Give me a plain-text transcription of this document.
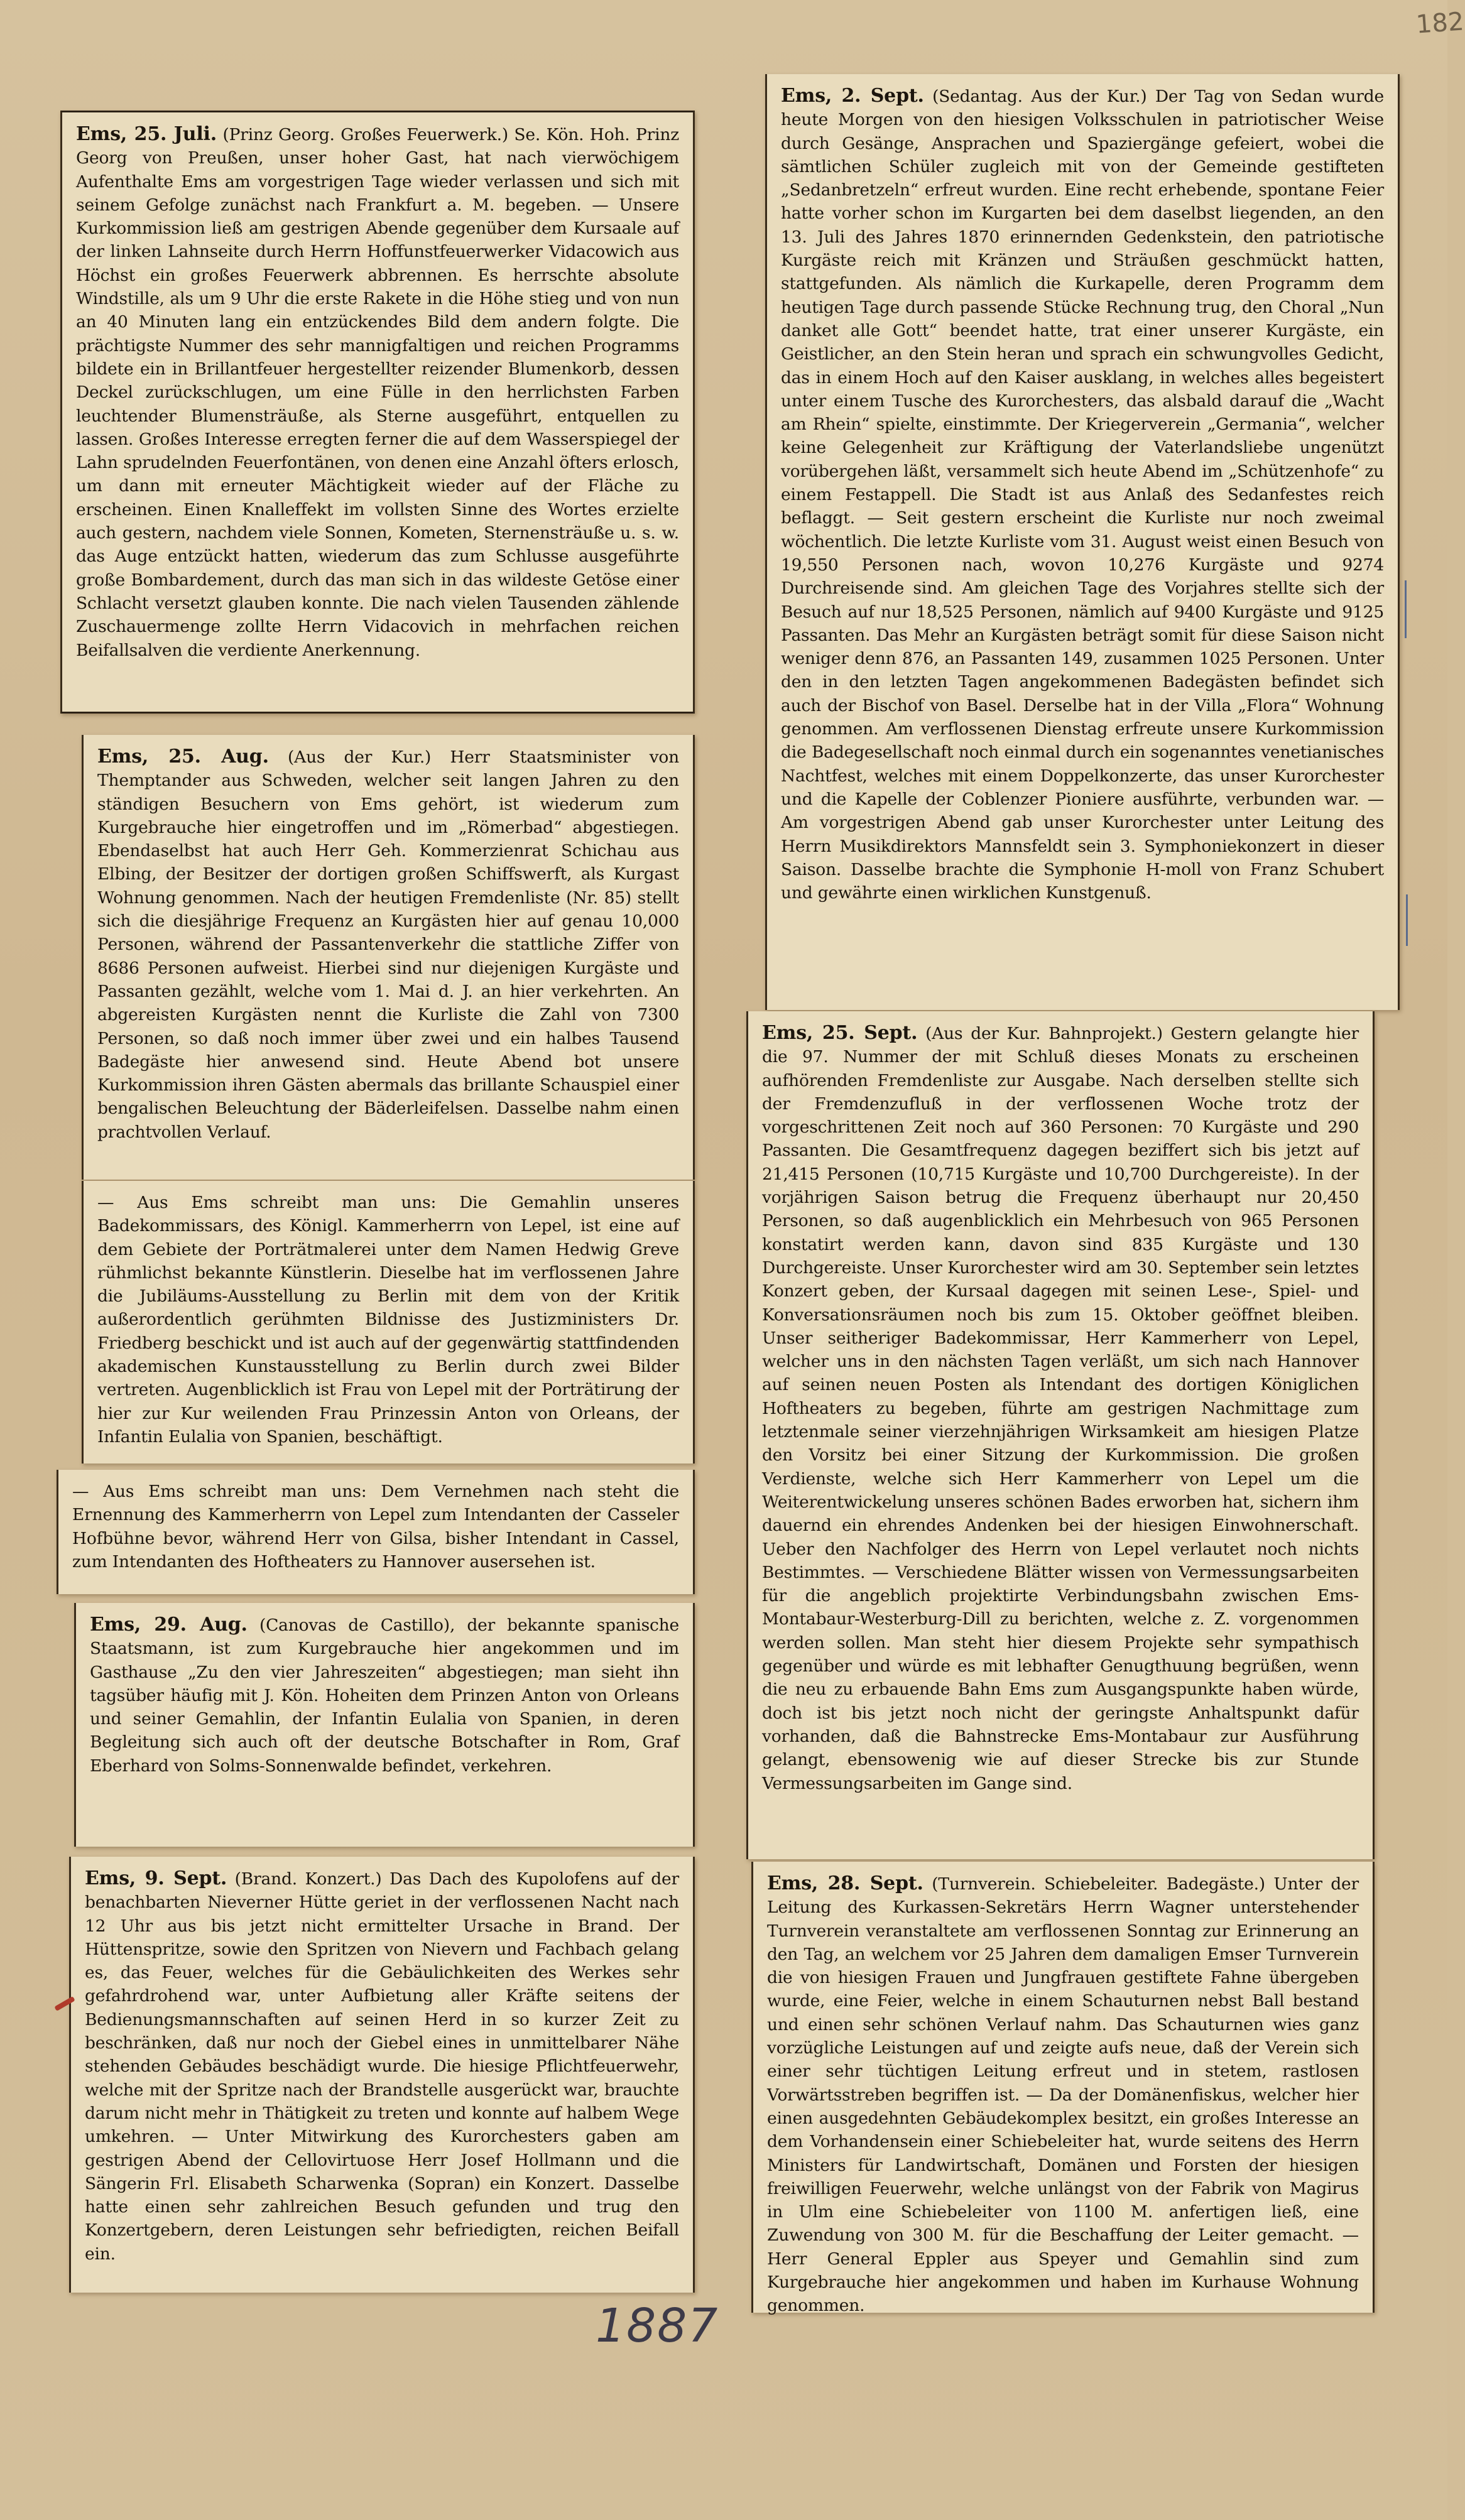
182

Ems, 25. Juli. (Prinz Georg. Großes Feuerwerk.) Se. Kön. Hoh. Prinz Georg von Preußen, unser hoher Gast, hat nach vierwöchigem Aufenthalte Ems am vorgestrigen Tage wieder verlassen und sich mit seinem Gefolge zunächst nach Frankfurt a. M. begeben. — Unsere Kurkommission ließ am gestrigen Abende gegenüber dem Kursaale auf der linken Lahnseite durch Herrn Hoffunstfeuerwerker Vidacowich aus Höchst ein großes Feuerwerk abbrennen. Es herrschte absolute Windstille, als um 9 Uhr die erste Rakete in die Höhe stieg und von nun an 40 Minuten lang ein entzückendes Bild dem andern folgte. Die prächtigste Nummer des sehr mannigfaltigen und reichen Programms bildete ein in Brillantfeuer hergestellter reizender Blumenkorb, dessen Deckel zurückschlugen, um eine Fülle in den herrlichsten Farben leuchtender Blumensträuße, als Sterne ausgeführt, entquellen zu lassen. Großes Interesse erregten ferner die auf dem Wasserspiegel der Lahn sprudelnden Feuerfontänen, von denen eine Anzahl öfters erlosch, um dann mit erneuter Mächtigkeit wieder auf der Fläche zu erscheinen. Einen Knalleffekt im vollsten Sinne des Wortes erzielte auch gestern, nachdem viele Sonnen, Kometen, Sternensträuße u. s. w. das Auge entzückt hatten, wiederum das zum Schlusse ausgeführte große Bombardement, durch das man sich in das wildeste Getöse einer Schlacht versetzt glauben konnte. Die nach vielen Tausenden zählende Zuschauermenge zollte Herrn Vidacovich in mehrfachen reichen Beifallsalven die verdiente Anerkennung.

Ems, 25. Aug. (Aus der Kur.) Herr Staatsminister von Themptander aus Schweden, welcher seit langen Jahren zu den ständigen Besuchern von Ems gehört, ist wiederum zum Kurgebrauche hier eingetroffen und im „Römerbad“ abgestiegen. Ebendaselbst hat auch Herr Geh. Kommerzienrat Schichau aus Elbing, der Besitzer der dortigen großen Schiffswerft, als Kurgast Wohnung genommen. Nach der heutigen Fremdenliste (Nr. 85) stellt sich die diesjährige Frequenz an Kurgästen hier auf genau 10,000 Personen, während der Passantenverkehr die stattliche Ziffer von 8686 Personen aufweist. Hierbei sind nur diejenigen Kurgäste und Passanten gezählt, welche vom 1. Mai d. J. an hier verkehrten. An abgereisten Kurgästen nennt die Kurliste die Zahl von 7300 Personen, so daß noch immer über zwei und ein halbes Tausend Badegäste hier anwesend sind. Heute Abend bot unsere Kurkommission ihren Gästen abermals das brillante Schauspiel einer bengalischen Beleuchtung der Bäderleifelsen. Dasselbe nahm einen prachtvollen Verlauf.

— Aus Ems schreibt man uns: Die Gemahlin unseres Badekommissars, des Königl. Kammerherrn von Lepel, ist eine auf dem Gebiete der Porträtmalerei unter dem Namen Hedwig Greve rühmlichst bekannte Künstlerin. Dieselbe hat im verflossenen Jahre die Jubiläums-Ausstellung zu Berlin mit dem von der Kritik außerordentlich gerühmten Bildnisse des Justizministers Dr. Friedberg beschickt und ist auch auf der gegenwärtig stattfindenden akademischen Kunstausstellung zu Berlin durch zwei Bilder vertreten. Augenblicklich ist Frau von Lepel mit der Porträtirung der hier zur Kur weilenden Frau Prinzessin Anton von Orleans, der Infantin Eulalia von Spanien, beschäftigt.

— Aus Ems schreibt man uns: Dem Vernehmen nach steht die Ernennung des Kammerherrn von Lepel zum Intendanten der Casseler Hofbühne bevor, während Herr von Gilsa, bisher Intendant in Cassel, zum Intendanten des Hoftheaters zu Hannover ausersehen ist.

Ems, 29. Aug. (Canovas de Castillo), der bekannte spanische Staatsmann, ist zum Kurgebrauche hier angekommen und im Gasthause „Zu den vier Jahreszeiten“ abgestiegen; man sieht ihn tagsüber häufig mit J. Kön. Hoheiten dem Prinzen Anton von Orleans und seiner Gemahlin, der Infantin Eulalia von Spanien, in deren Begleitung sich auch oft der deutsche Botschafter in Rom, Graf Eberhard von Solms-Sonnenwalde befindet, verkehren.

Ems, 9. Sept. (Brand. Konzert.) Das Dach des Kupolofens auf der benachbarten Nieverner Hütte geriet in der verflossenen Nacht nach 12 Uhr aus bis jetzt nicht ermittelter Ursache in Brand. Der Hüttenspritze, sowie den Spritzen von Nievern und Fachbach gelang es, das Feuer, welches für die Gebäulichkeiten des Werkes sehr gefahrdrohend war, unter Aufbietung aller Kräfte seitens der Bedienungsmannschaften auf seinen Herd in so kurzer Zeit zu beschränken, daß nur noch der Giebel eines in unmittelbarer Nähe stehenden Gebäudes beschädigt wurde. Die hiesige Pflichtfeuerwehr, welche mit der Spritze nach der Brandstelle ausgerückt war, brauchte darum nicht mehr in Thätigkeit zu treten und konnte auf halbem Wege umkehren. — Unter Mitwirkung des Kurorchesters gaben am gestrigen Abend der Cellovirtuose Herr Josef Hollmann und die Sängerin Frl. Elisabeth Scharwenka (Sopran) ein Konzert. Dasselbe hatte einen sehr zahlreichen Besuch gefunden und trug den Konzertgebern, deren Leistungen sehr befriedigten, reichen Beifall ein.

Ems, 2. Sept. (Sedantag. Aus der Kur.) Der Tag von Sedan wurde heute Morgen von den hiesigen Volksschulen in patriotischer Weise durch Gesänge, Ansprachen und Spaziergänge gefeiert, wobei die sämtlichen Schüler zugleich mit von der Gemeinde gestifteten „Sedanbretzeln“ erfreut wurden. Eine recht erhebende, spontane Feier hatte vorher schon im Kurgarten bei dem daselbst liegenden, an den 13. Juli des Jahres 1870 erinnernden Gedenkstein, den patriotische Kurgäste reich mit Kränzen und Sträußen geschmückt hatten, stattgefunden. Als nämlich die Kurkapelle, deren Programm dem heutigen Tage durch passende Stücke Rechnung trug, den Choral „Nun danket alle Gott“ beendet hatte, trat einer unserer Kurgäste, ein Geistlicher, an den Stein heran und sprach ein schwungvolles Gedicht, das in einem Hoch auf den Kaiser ausklang, in welches alles begeistert unter einem Tusche des Kurorchesters, das alsbald darauf die „Wacht am Rhein“ spielte, einstimmte. Der Kriegerverein „Germania“, welcher keine Gelegenheit zur Kräftigung der Vaterlandsliebe ungenützt vorübergehen läßt, versammelt sich heute Abend im „Schützenhofe“ zu einem Festappell. Die Stadt ist aus Anlaß des Sedanfestes reich beflaggt. — Seit gestern erscheint die Kurliste nur noch zweimal wöchentlich. Die letzte Kurliste vom 31. August weist einen Besuch von 19,550 Personen nach, wovon 10,276 Kurgäste und 9274 Durchreisende sind. Am gleichen Tage des Vorjahres stellte sich der Besuch auf nur 18,525 Personen, nämlich auf 9400 Kurgäste und 9125 Passanten. Das Mehr an Kurgästen beträgt somit für diese Saison nicht weniger denn 876, an Passanten 149, zusammen 1025 Personen. Unter den in den letzten Tagen angekommenen Badegästen befindet sich auch der Bischof von Basel. Derselbe hat in der Villa „Flora“ Wohnung genommen. Am verflossenen Dienstag erfreute unsere Kurkommission die Badegesellschaft noch einmal durch ein sogenanntes venetianisches Nachtfest, welches mit einem Doppelkonzerte, das unser Kurorchester und die Kapelle der Coblenzer Pioniere ausführte, verbunden war. — Am vorgestrigen Abend gab unser Kurorchester unter Leitung des Herrn Musikdirektors Mannsfeldt sein 3. Symphoniekonzert in dieser Saison. Dasselbe brachte die Symphonie H-moll von Franz Schubert und gewährte einen wirklichen Kunstgenuß.

Ems, 25. Sept. (Aus der Kur. Bahnprojekt.) Gestern gelangte hier die 97. Nummer der mit Schluß dieses Monats zu erscheinen aufhörenden Fremdenliste zur Ausgabe. Nach derselben stellte sich der Fremdenzufluß in der verflossenen Woche trotz der vorgeschrittenen Zeit noch auf 360 Personen: 70 Kurgäste und 290 Passanten. Die Gesamtfrequenz dagegen beziffert sich bis jetzt auf 21,415 Personen (10,715 Kurgäste und 10,700 Durchgereiste). In der vorjährigen Saison betrug die Frequenz überhaupt nur 20,450 Personen, so daß augenblicklich ein Mehrbesuch von 965 Personen konstatirt werden kann, davon sind 835 Kurgäste und 130 Durchgereiste. Unser Kurorchester wird am 30. September sein letztes Konzert geben, der Kursaal dagegen mit seinen Lese-, Spiel- und Konversationsräumen noch bis zum 15. Oktober geöffnet bleiben. Unser seitheriger Badekommissar, Herr Kammerherr von Lepel, welcher uns in den nächsten Tagen verläßt, um sich nach Hannover auf seinen neuen Posten als Intendant des dortigen Königlichen Hoftheaters zu begeben, führte am gestrigen Nachmittage zum letztenmale seiner vierzehnjährigen Wirksamkeit am hiesigen Platze den Vorsitz bei einer Sitzung der Kurkommission. Die großen Verdienste, welche sich Herr Kammerherr von Lepel um die Weiterentwickelung unseres schönen Bades erworben hat, sichern ihm dauernd ein ehrendes Andenken bei der hiesigen Einwohnerschaft. Ueber den Nachfolger des Herrn von Lepel verlautet noch nichts Bestimmtes. — Verschiedene Blätter wissen von Vermessungsarbeiten für die angeblich projektirte Verbindungsbahn zwischen Ems-Montabaur-Westerburg-Dill zu berichten, welche z. Z. vorgenommen werden sollen. Man steht hier diesem Projekte sehr sympathisch gegenüber und würde es mit lebhafter Genugthuung begrüßen, wenn die neu zu erbauende Bahn Ems zum Ausgangspunkte haben würde, doch ist bis jetzt noch nicht der geringste Anhaltspunkt dafür vorhanden, daß die Bahnstrecke Ems-Montabaur zur Ausführung gelangt, ebensowenig wie auf dieser Strecke bis zur Stunde Vermessungsarbeiten im Gange sind.

Ems, 28. Sept. (Turnverein. Schiebeleiter. Badegäste.) Unter der Leitung des Kurkassen-Sekretärs Herrn Wagner unterstehender Turnverein veranstaltete am verflossenen Sonntag zur Erinnerung an den Tag, an welchem vor 25 Jahren dem damaligen Emser Turnverein die von hiesigen Frauen und Jungfrauen gestiftete Fahne übergeben wurde, eine Feier, welche in einem Schauturnen nebst Ball bestand und einen sehr schönen Verlauf nahm. Das Schauturnen wies ganz vorzügliche Leistungen auf und zeigte aufs neue, daß der Verein sich einer sehr tüchtigen Leitung erfreut und in stetem, rastlosen Vorwärtsstreben begriffen ist. — Da der Domänenfiskus, welcher hier einen ausgedehnten Gebäudekomplex besitzt, ein großes Interesse an dem Vorhandensein einer Schiebeleiter hat, wurde seitens des Herrn Ministers für Landwirtschaft, Domänen und Forsten der hiesigen freiwilligen Feuerwehr, welche unlängst von der Fabrik von Magirus in Ulm eine Schiebeleiter von 1100 M. anfertigen ließ, eine Zuwendung von 300 M. für die Beschaffung der Leiter gemacht. — Herr General Eppler aus Speyer und Gemahlin sind zum Kurgebrauche hier angekommen und haben im Kurhause Wohnung genommen.

1887
